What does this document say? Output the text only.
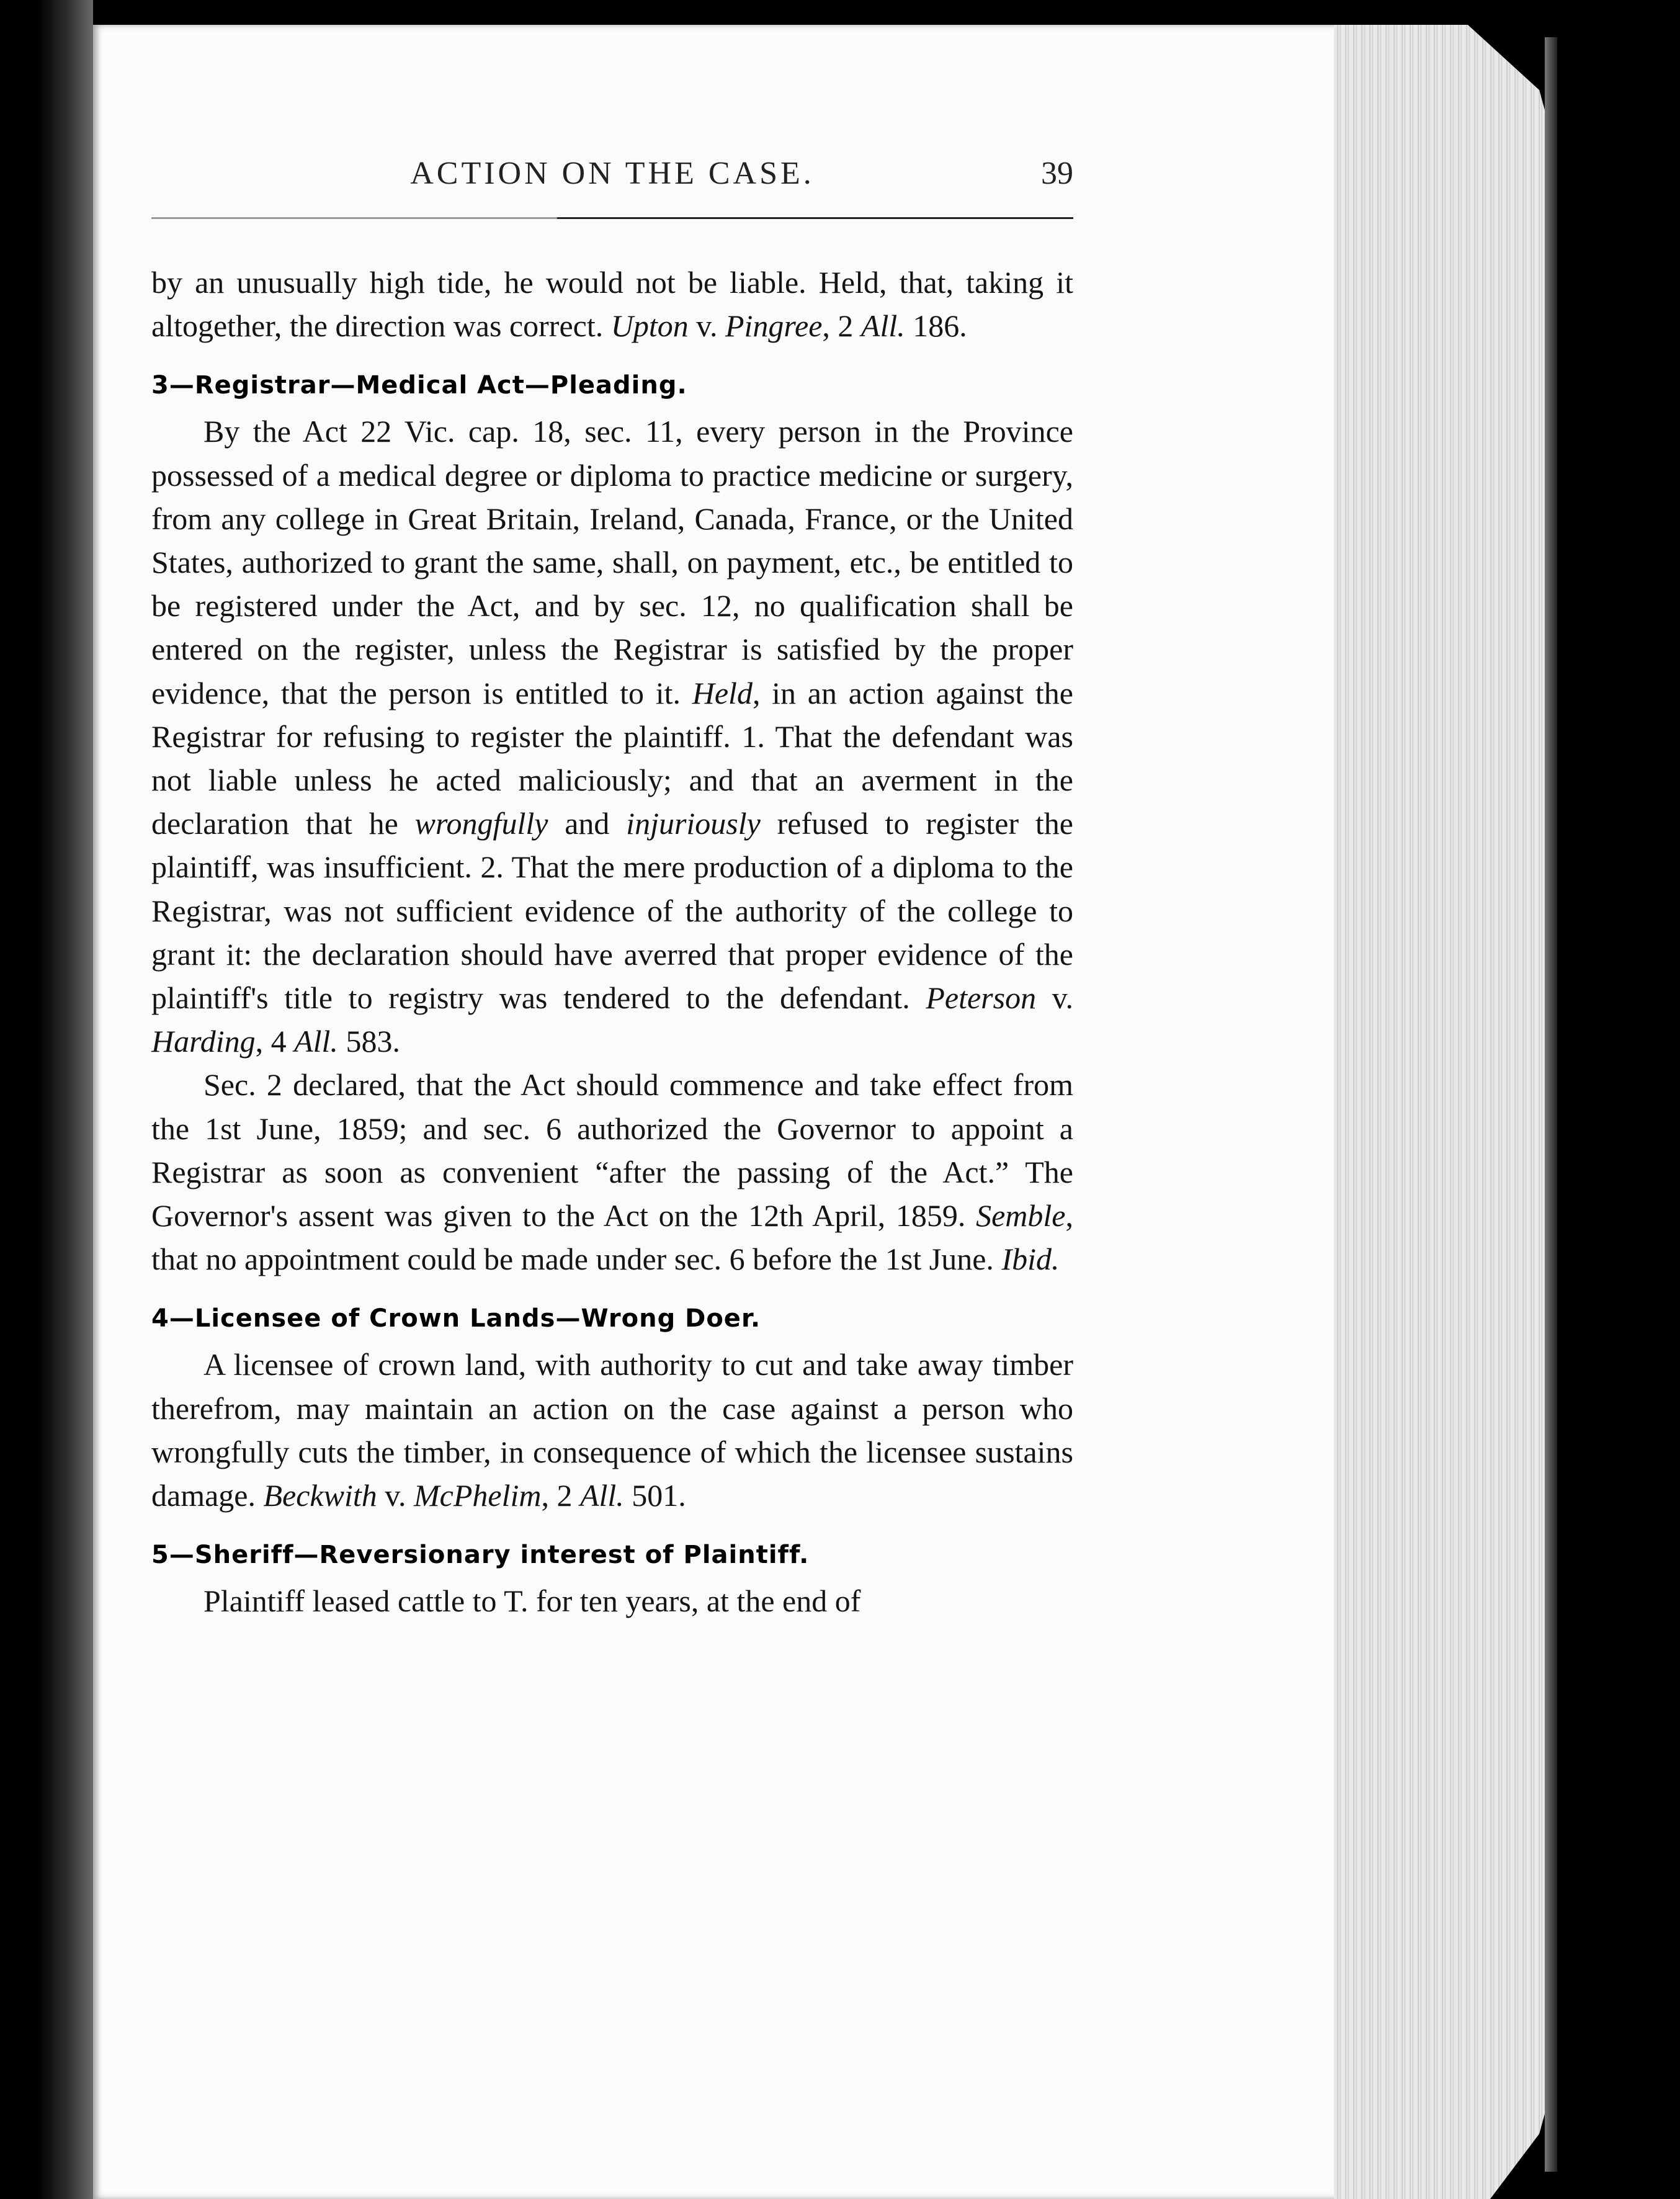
ACTION ON THE CASE.	39

by an unusually high tide, he would not be liable. Held, that, taking it altogether, the direction was correct. Upton v. Pingree, 2 All. 186.

3—Registrar—Medical Act—Pleading.

By the Act 22 Vic. cap. 18, sec. 11, every person in the Province possessed of a medical degree or diploma to practice medicine or surgery, from any college in Great Britain, Ireland, Canada, France, or the United States, authorized to grant the same, shall, on payment, etc., be entitled to be registered under the Act, and by sec. 12, no qualification shall be entered on the register, unless the Registrar is satisfied by the proper evidence, that the person is entitled to it. Held, in an action against the Registrar for refusing to register the plaintiff. 1. That the defendant was not liable unless he acted maliciously; and that an averment in the declaration that he wrongfully and injuriously refused to register the plaintiff, was insufficient. 2. That the mere production of a diploma to the Registrar, was not sufficient evidence of the authority of the college to grant it: the declaration should have averred that proper evidence of the plaintiff's title to registry was tendered to the defendant. Peterson v. Harding, 4 All. 583.

Sec. 2 declared, that the Act should commence and take effect from the 1st June, 1859; and sec. 6 authorized the Governor to appoint a Registrar as soon as convenient “after the passing of the Act.” The Governor's assent was given to the Act on the 12th April, 1859. Semble, that no appointment could be made under sec. 6 before the 1st June. Ibid.

4—Licensee of Crown Lands—Wrong Doer.

A licensee of crown land, with authority to cut and take away timber therefrom, may maintain an action on the case against a person who wrongfully cuts the timber, in consequence of which the licensee sustains damage. Beckwith v. McPhelim, 2 All. 501.

5—Sheriff—Reversionary interest of Plaintiff.

Plaintiff leased cattle to T. for ten years, at the end of
